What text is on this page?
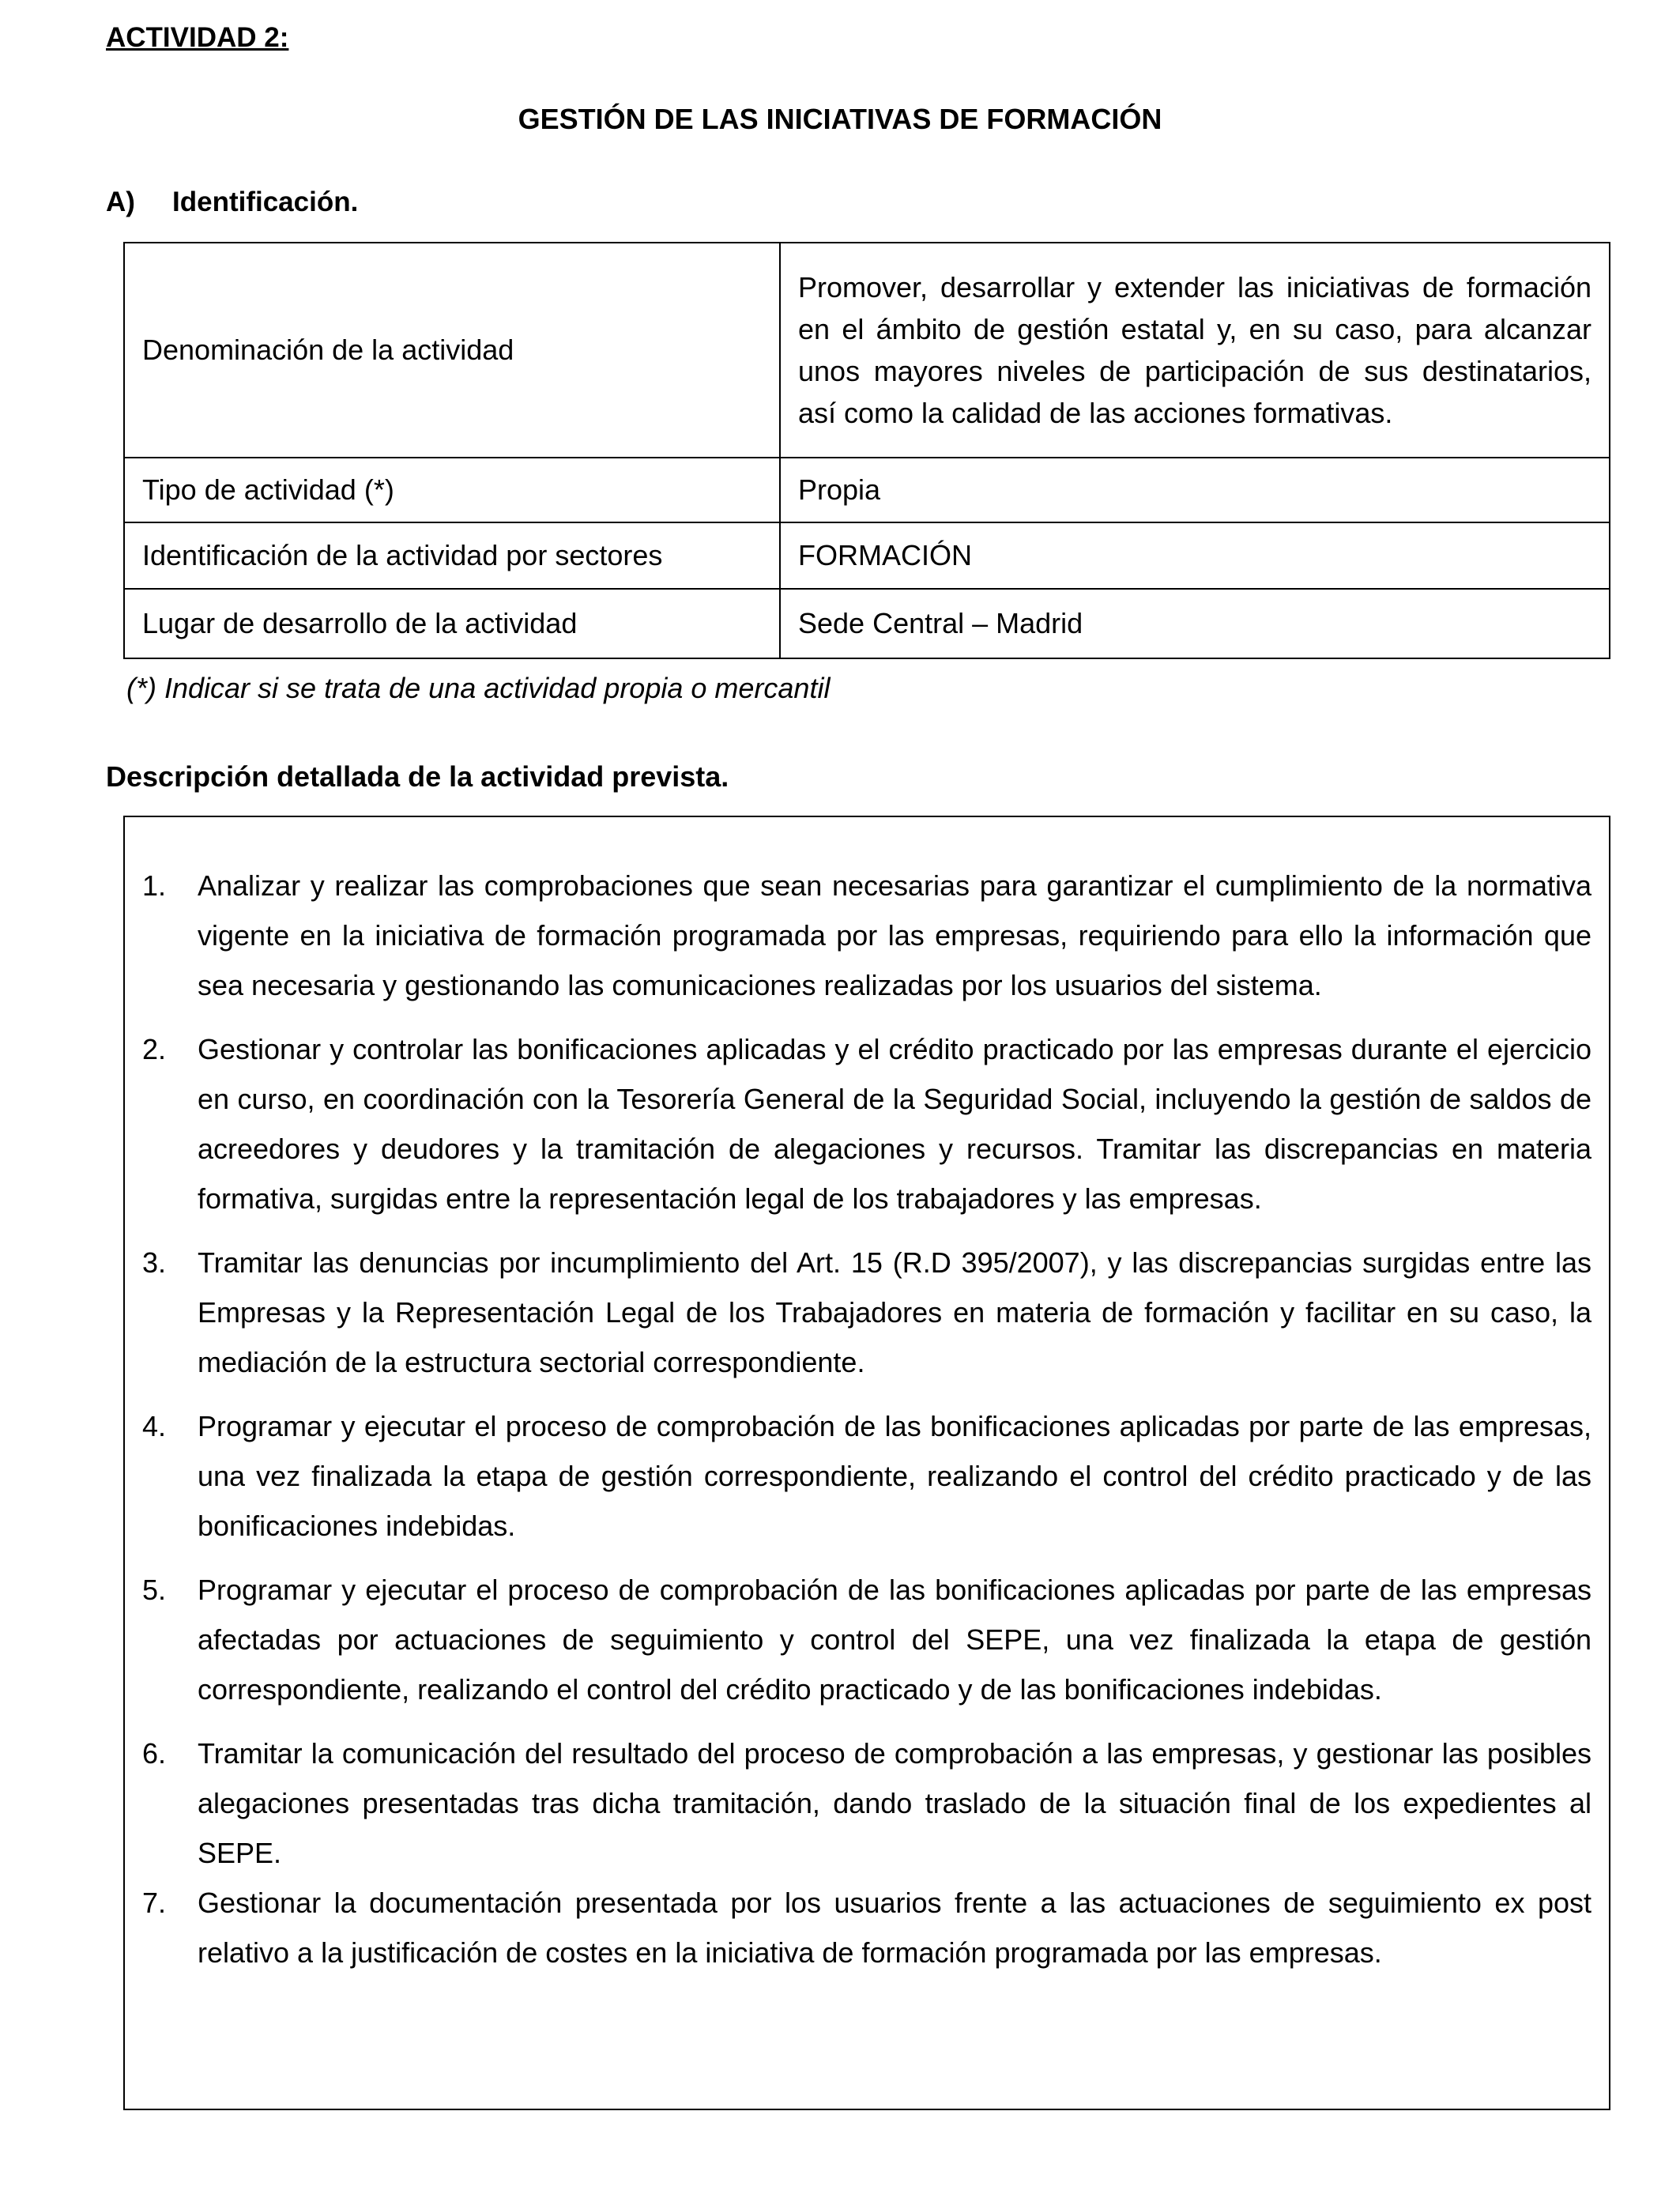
ACTIVIDAD 2:
GESTIÓN DE LAS INICIATIVAS DE FORMACIÓN
A) Identificación.
Denominación de la actividad	Promover, desarrollar y extender las iniciativas de formación en el ámbito de gestión estatal y, en su caso, para alcanzar unos mayores niveles de participación de sus destinatarios, así como la calidad de las acciones formativas.
Tipo de actividad (*)	Propia
Identificación de la actividad por sectores	FORMACIÓN
Lugar de desarrollo de la actividad	Sede Central – Madrid
(*) Indicar si se trata de una actividad propia o mercantil
Descripción detallada de la actividad prevista.
1.	Analizar y realizar las comprobaciones que sean necesarias para garantizar el cumplimiento de la normativa vigente en la iniciativa de formación programada por las empresas, requiriendo para ello la información que sea necesaria y gestionando las comunicaciones realizadas por los usuarios del sistema.
2.	Gestionar y controlar las bonificaciones aplicadas y el crédito practicado por las empresas durante el ejercicio en curso, en coordinación con la Tesorería General de la Seguridad Social, incluyendo la gestión de saldos de acreedores y deudores y la tramitación de alegaciones y recursos. Tramitar las discrepancias en materia formativa, surgidas entre la representación legal de los trabajadores y las empresas.
3.	Tramitar las denuncias por incumplimiento del Art. 15 (R.D 395/2007), y las discrepancias surgidas entre las Empresas y la Representación Legal de los Trabajadores en materia de formación y facilitar en su caso, la mediación de la estructura sectorial correspondiente.
4.	Programar y ejecutar el proceso de comprobación de las bonificaciones aplicadas por parte de las empresas, una vez finalizada la etapa de gestión correspondiente, realizando el control del crédito practicado y de las bonificaciones indebidas.
5.	Programar y ejecutar el proceso de comprobación de las bonificaciones aplicadas por parte de las empresas afectadas por actuaciones de seguimiento y control del SEPE, una vez finalizada la etapa de gestión correspondiente, realizando el control del crédito practicado y de las bonificaciones indebidas.
6.	Tramitar la comunicación del resultado del proceso de comprobación a las empresas, y gestionar las posibles alegaciones presentadas tras dicha tramitación, dando traslado de la situación final de los expedientes al SEPE.
7.	Gestionar la documentación presentada por los usuarios frente a las actuaciones de seguimiento ex post relativo a la justificación de costes en la iniciativa de formación programada por las empresas.
